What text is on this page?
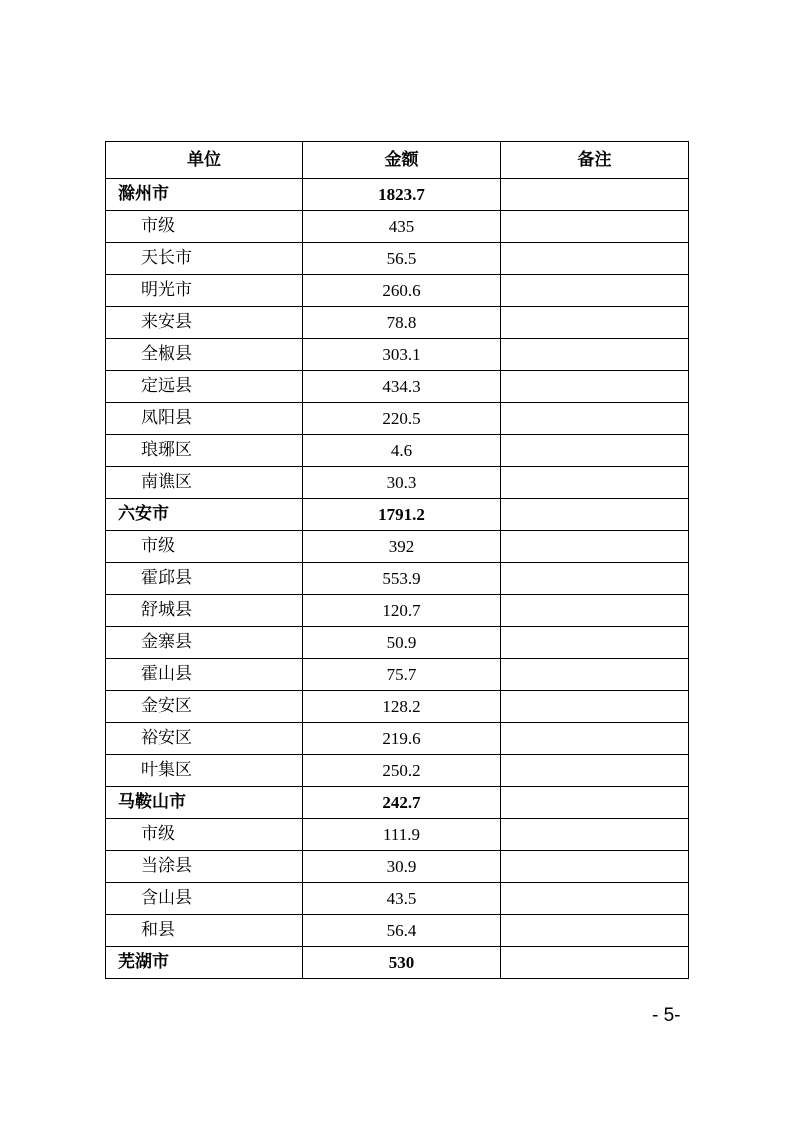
单位	金额	备注
滁州市	1823.7	
市级	435	
天长市	56.5	
明光市	260.6	
来安县	78.8	
全椒县	303.1	
定远县	434.3	
凤阳县	220.5	
琅琊区	4.6	
南谯区	30.3	
六安市	1791.2	
市级	392	
霍邱县	553.9	
舒城县	120.7	
金寨县	50.9	
霍山县	75.7	
金安区	128.2	
裕安区	219.6	
叶集区	250.2	
马鞍山市	242.7	
市级	111.9	
当涂县	30.9	
含山县	43.5	
和县	56.4	
芜湖市	530	
- 5-
